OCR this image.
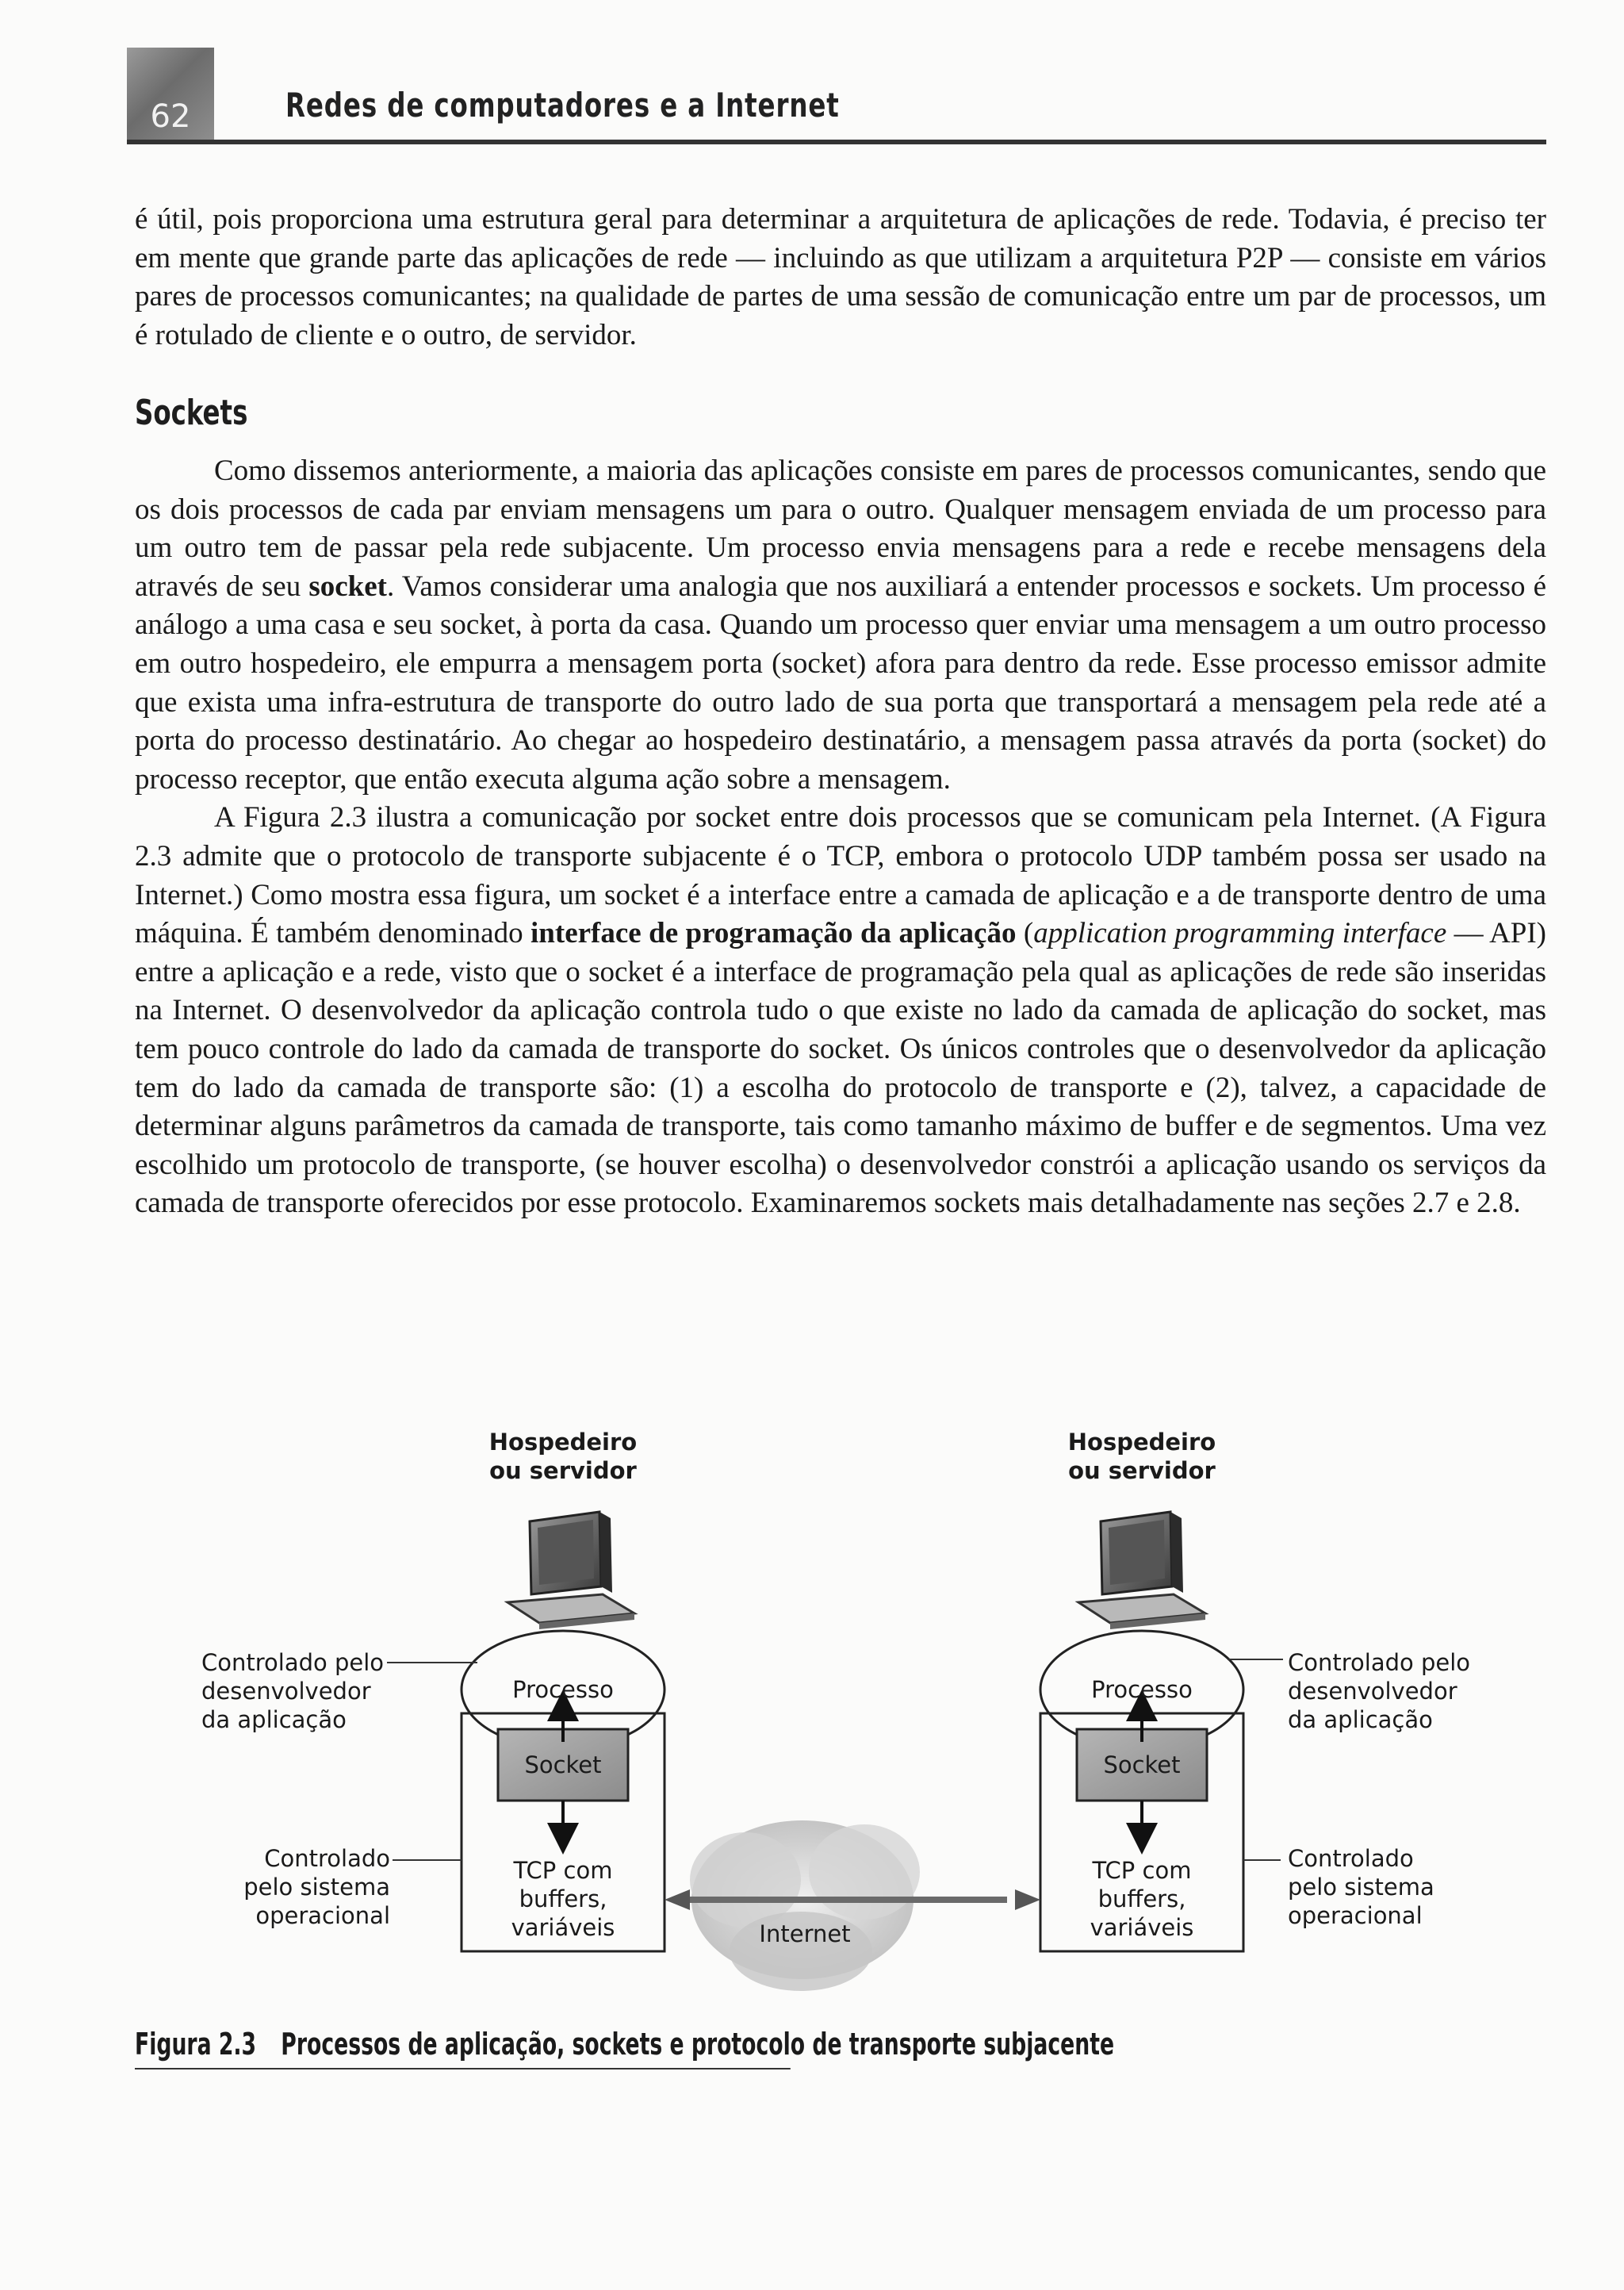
62	Redes de computadores e a Internet

é útil, pois proporciona uma estrutura geral para determinar a arquitetura de aplicações de rede. Todavia, é preciso ter em mente que grande parte das aplicações de rede — incluindo as que utilizam a arquitetura P2P — consiste em vários pares de processos comunicantes; na qualidade de partes de uma sessão de comunicação entre um par de processos, um é rotulado de cliente e o outro, de servidor.

Sockets

Como dissemos anteriormente, a maioria das aplicações consiste em pares de processos comunicantes, sendo que os dois processos de cada par enviam mensagens um para o outro. Qualquer mensagem enviada de um processo para um outro tem de passar pela rede subjacente. Um processo envia mensagens para a rede e recebe mensagens dela através de seu socket. Vamos considerar uma analogia que nos auxiliará a entender processos e sockets. Um processo é análogo a uma casa e seu socket, à porta da casa. Quando um processo quer enviar uma mensagem a um outro processo em outro hospedeiro, ele empurra a mensagem porta (socket) afora para dentro da rede. Esse processo emissor admite que exista uma infra-estrutura de transporte do outro lado de sua porta que transportará a mensagem pela rede até a porta do processo destinatário. Ao chegar ao hospedeiro destinatário, a mensagem passa através da porta (socket) do processo receptor, que então executa alguma ação sobre a mensagem.

A Figura 2.3 ilustra a comunicação por socket entre dois processos que se comunicam pela Internet. (A Figura 2.3 admite que o protocolo de transporte subjacente é o TCP, embora o protocolo UDP também possa ser usado na Internet.) Como mostra essa figura, um socket é a interface entre a camada de aplicação e a de transporte dentro de uma máquina. É também denominado interface de programação da aplicação (application programming interface — API) entre a aplicação e a rede, visto que o socket é a interface de programação pela qual as aplicações de rede são inseridas na Internet. O desenvolvedor da aplicação controla tudo o que existe no lado da camada de aplicação do socket, mas tem pouco controle do lado da camada de transporte do socket. Os únicos controles que o desenvolvedor da aplicação tem do lado da camada de transporte são: (1) a escolha do protocolo de transporte e (2), talvez, a capacidade de determinar alguns parâmetros da camada de transporte, tais como tamanho máximo de buffer e de segmentos. Uma vez escolhido um protocolo de transporte, (se houver escolha) o desenvolvedor constrói a aplicação usando os serviços da camada de transporte oferecidos por esse protocolo. Examinaremos sockets mais detalhadamente nas seções 2.7 e 2.8.

Hospedeiro
ou servidor
Hospedeiro
ou servidor
Processo	Processo
Socket	Socket
TCP com
buffers,
variáveis
TCP com
buffers,
variáveis
Internet
Controlado pelo
desenvolvedor
da aplicação
Controlado pelo
desenvolvedor
da aplicação
Controlado
pelo sistema
operacional
Controlado
pelo sistema
operacional
Figura 2.3 Processos de aplicação, sockets e protocolo de transporte subjacente
